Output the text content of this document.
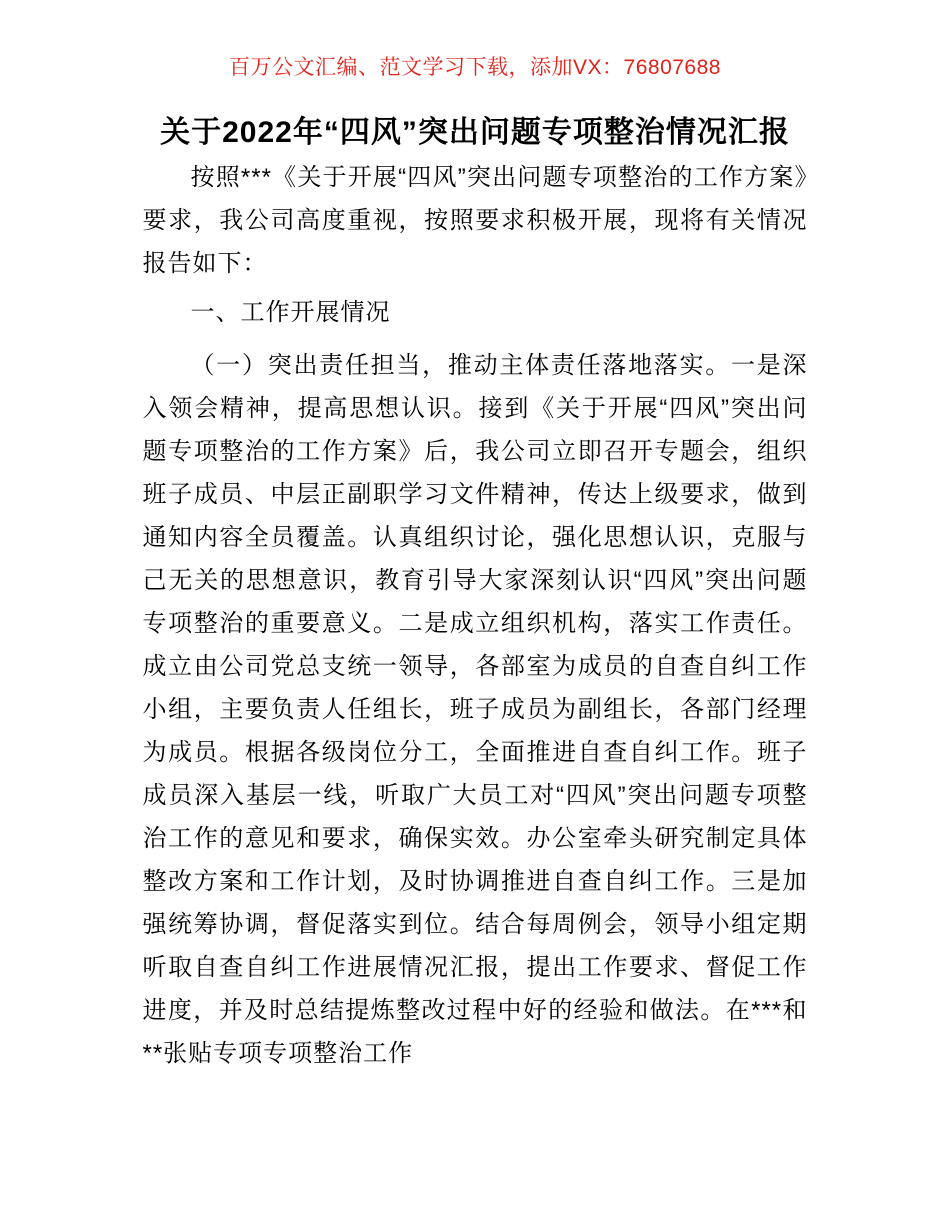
百万公文汇编、范文学习下载，添加VX：76807688
关于2022年“四风”突出问题专项整治情况汇报

按照***《关于开展“四风”突出问题专项整治的工作方案》要求，我公司高度重视，按照要求积极开展，现将有关情况报告如下：

一、工作开展情况

（一）突出责任担当，推动主体责任落地落实。一是深入领会精神，提高思想认识。接到《关于开展“四风”突出问题专项整治的工作方案》后，我公司立即召开专题会，组织班子成员、中层正副职学习文件精神，传达上级要求，做到通知内容全员覆盖。认真组织讨论，强化思想认识，克服与己无关的思想意识，教育引导大家深刻认识“四风”突出问题专项整治的重要意义。二是成立组织机构，落实工作责任。成立由公司党总支统一领导，各部室为成员的自查自纠工作小组，主要负责人任组长，班子成员为副组长，各部门经理为成员。根据各级岗位分工，全面推进自查自纠工作。班子成员深入基层一线，听取广大员工对“四风”突出问题专项整治工作的意见和要求，确保实效。办公室牵头研究制定具体整改方案和工作计划，及时协调推进自查自纠工作。三是加强统筹协调，督促落实到位。结合每周例会，领导小组定期听取自查自纠工作进展情况汇报，提出工作要求、督促工作进度，并及时总结提炼整改过程中好的经验和做法。在***和**张贴专项专项整治工作
